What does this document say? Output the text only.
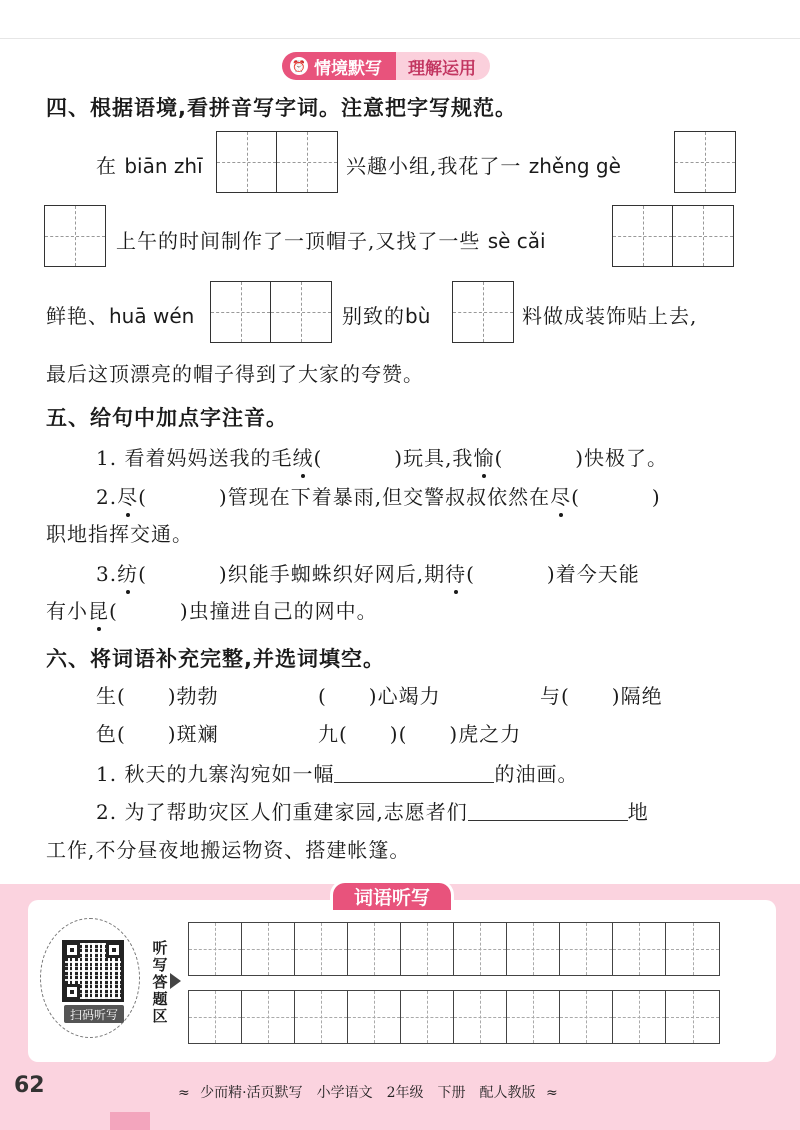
⏰ 情境默写	理解运用
四、根据语境,看拼音写字词。注意把字写规范。
在 biān zhī	兴趣小组,我花了一 zhěng gè
上午的时间制作了一顶帽子,又找了一些 sè cǎi
鲜艳、huā wén	别致的bù	料做成装饰贴上去,
最后这顶漂亮的帽子得到了大家的夸赞。
五、给句中加点字注音。
1. 看着妈妈送我的毛绒(	)玩具,我愉(	)快极了。
2.尽(	)管现在下着暴雨,但交警叔叔依然在尽(	)
职地指挥交通。
3.纺(	)织能手蜘蛛织好网后,期待(	)着今天能
有小昆(	)虫撞进自己的网中。
六、将词语补充完整,并选词填空。
生(　　)勃勃	(　　)心竭力	与(　　)隔绝
色(　　)斑斓	九(　　)(　　)虎之力
1. 秋天的九寨沟宛如一幅	的油画。
2. 为了帮助灾区人们重建家园,志愿者们	地
工作,不分昼夜地搬运物资、搭建帐篷。
词语听写
扫码听写
听
写
答
题
区
62	≈ 少而精·活页默写　小学语文　2年级　下册　配人教版 ≈
